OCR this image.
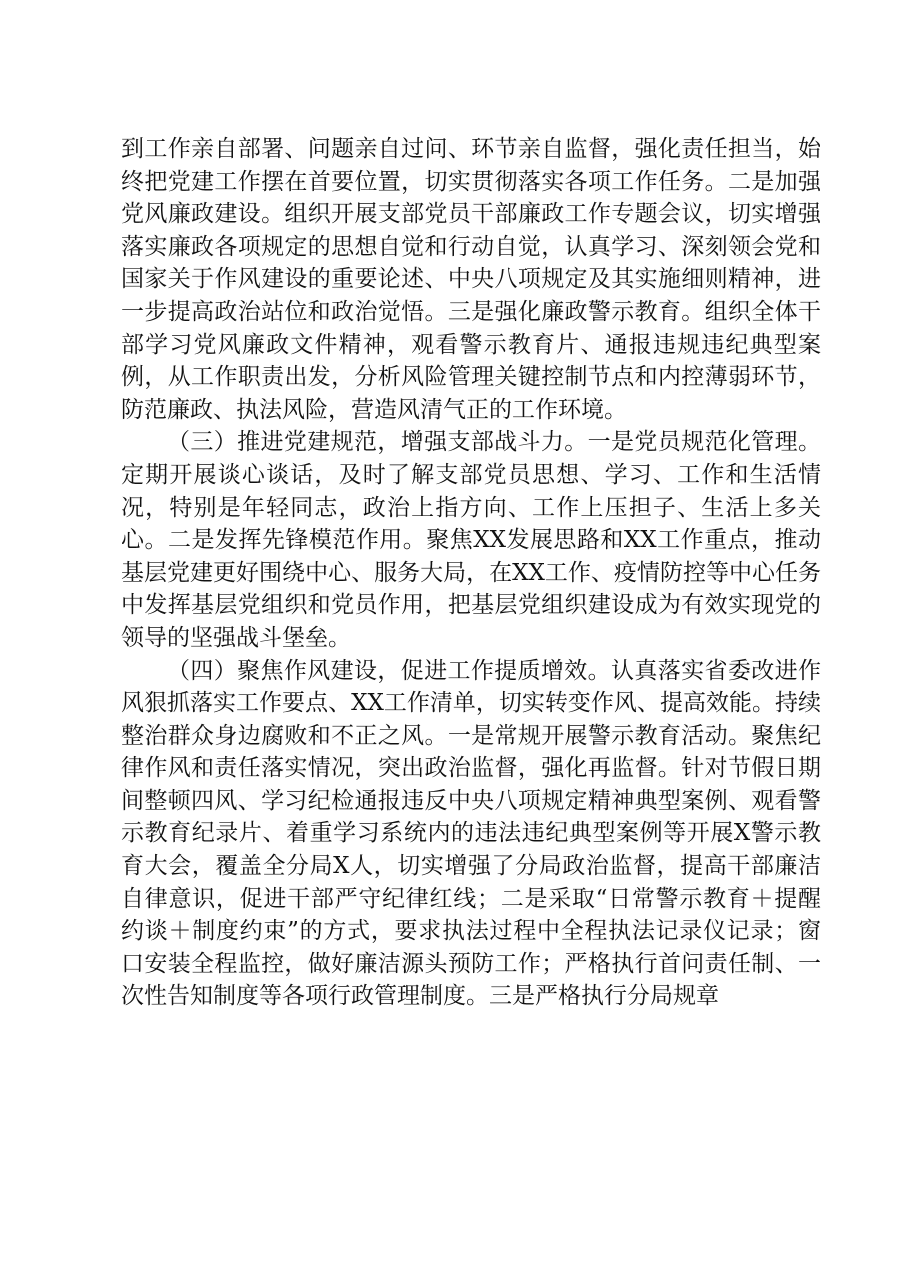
到工作亲自部署、问题亲自过问、环节亲自监督，强化责任担当，始终把党建工作摆在首要位置，切实贯彻落实各项工作任务。二是加强党风廉政建设。组织开展支部党员干部廉政工作专题会议，切实增强落实廉政各项规定的思想自觉和行动自觉，认真学习、深刻领会党和国家关于作风建设的重要论述、中央八项规定及其实施细则精神，进一步提高政治站位和政治觉悟。三是强化廉政警示教育。组织全体干部学习党风廉政文件精神，观看警示教育片、通报违规违纪典型案例，从工作职责出发，分析风险管理关键控制节点和内控薄弱环节，防范廉政、执法风险，营造风清气正的工作环境。

（三）推进党建规范，增强支部战斗力。一是党员规范化管理。定期开展谈心谈话，及时了解支部党员思想、学习、工作和生活情况，特别是年轻同志，政治上指方向、工作上压担子、生活上多关心。二是发挥先锋模范作用。聚焦XX发展思路和XX工作重点，推动基层党建更好围绕中心、服务大局，在XX工作、疫情防控等中心任务中发挥基层党组织和党员作用，把基层党组织建设成为有效实现党的领导的坚强战斗堡垒。

（四）聚焦作风建设，促进工作提质增效。认真落实省委改进作风狠抓落实工作要点、XX工作清单，切实转变作风、提高效能。持续整治群众身边腐败和不正之风。一是常规开展警示教育活动。聚焦纪律作风和责任落实情况，突出政治监督，强化再监督。针对节假日期间整顿四风、学习纪检通报违反中央八项规定精神典型案例、观看警示教育纪录片、着重学习系统内的违法违纪典型案例等开展X警示教育大会，覆盖全分局X人，切实增强了分局政治监督，提高干部廉洁自律意识，促进干部严守纪律红线；二是采取“日常警示教育＋提醒约谈＋制度约束”的方式，要求执法过程中全程执法记录仪记录；窗口安装全程监控，做好廉洁源头预防工作；严格执行首问责任制、一次性告知制度等各项行政管理制度。三是严格执行分局规章
